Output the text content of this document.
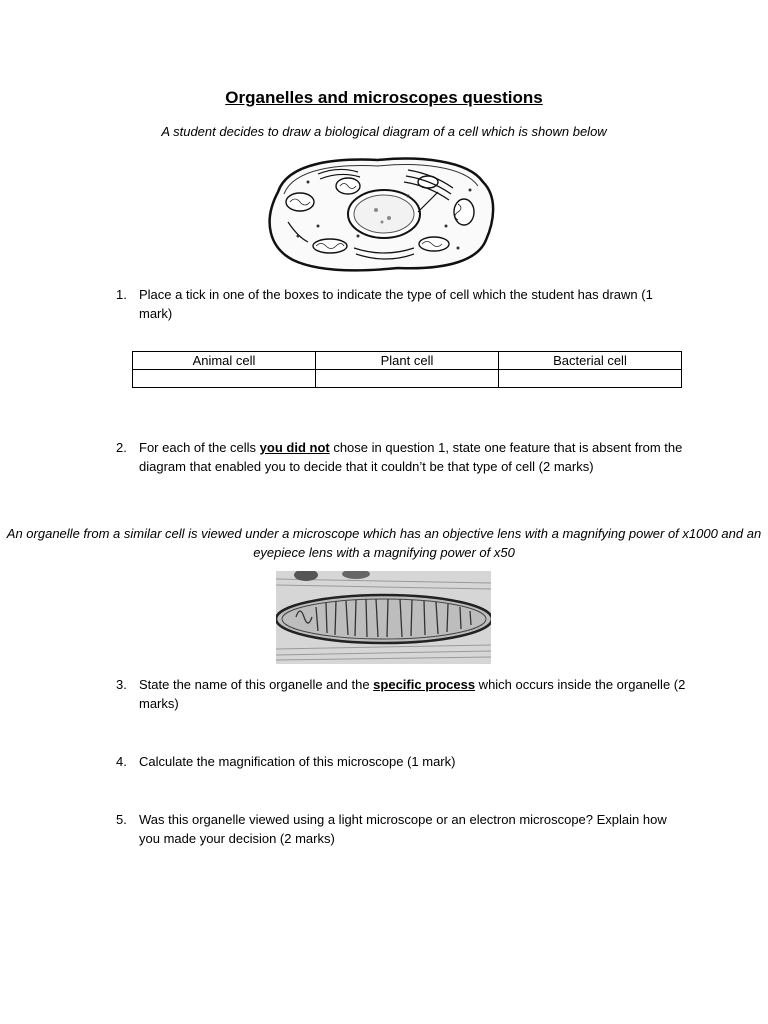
Organelles and microscopes questions
A student decides to draw a biological diagram of a cell which is shown below
1. Place a tick in one of the boxes to indicate the type of cell which the student has drawn (1 mark)
Animal cell	Plant cell	Bacterial cell

2. For each of the cells you did not chose in question 1, state one feature that is absent from the diagram that enabled you to decide that it couldn’t be that type of cell (2 marks)
An organelle from a similar cell is viewed under a microscope which has an objective lens with a magnifying power of x1000 and an eyepiece lens with a magnifying power of x50
3. State the name of this organelle and the specific process which occurs inside the organelle (2 marks)
4. Calculate the magnification of this microscope (1 mark)
5. Was this organelle viewed using a light microscope or an electron microscope? Explain how you made your decision (2 marks)
